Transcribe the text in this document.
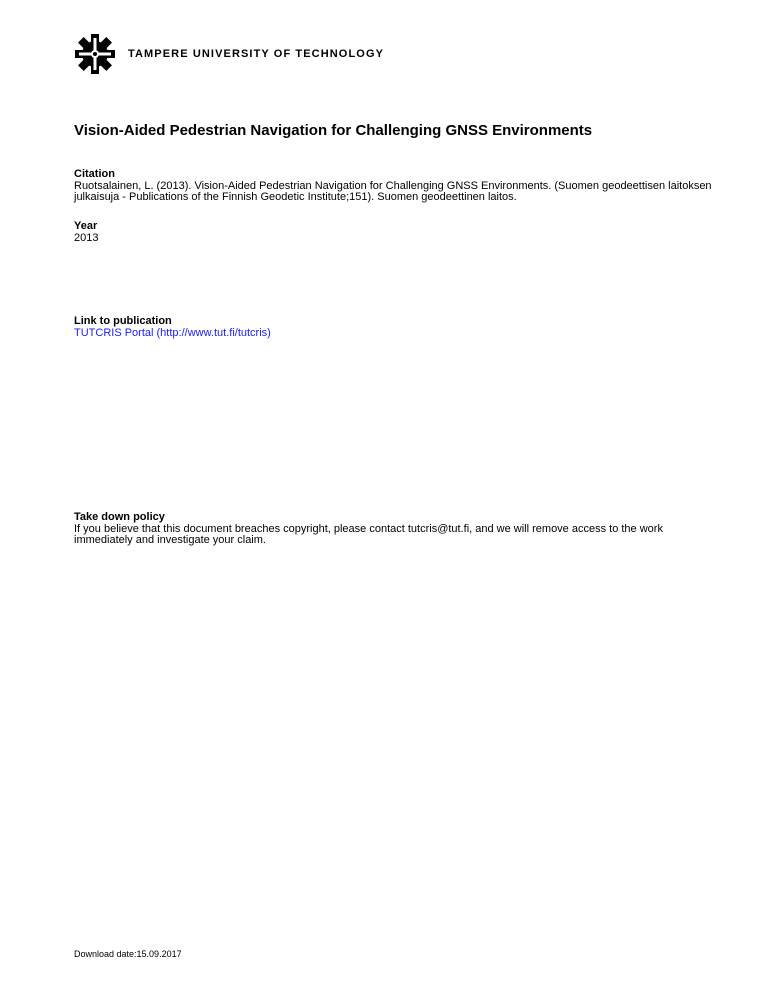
TAMPERE UNIVERSITY OF TECHNOLOGY
Vision-Aided Pedestrian Navigation for Challenging GNSS Environments
Citation
Ruotsalainen, L. (2013). Vision-Aided Pedestrian Navigation for Challenging GNSS Environments. (Suomen geodeettisen laitoksen julkaisuja - Publications of the Finnish Geodetic Institute;151). Suomen geodeettinen laitos.
Year
2013
Link to publication
TUTCRIS Portal (http://www.tut.fi/tutcris)
Take down policy
If you believe that this document breaches copyright, please contact tutcris@tut.fi, and we will remove access to the work immediately and investigate your claim.
Download date:15.09.2017
